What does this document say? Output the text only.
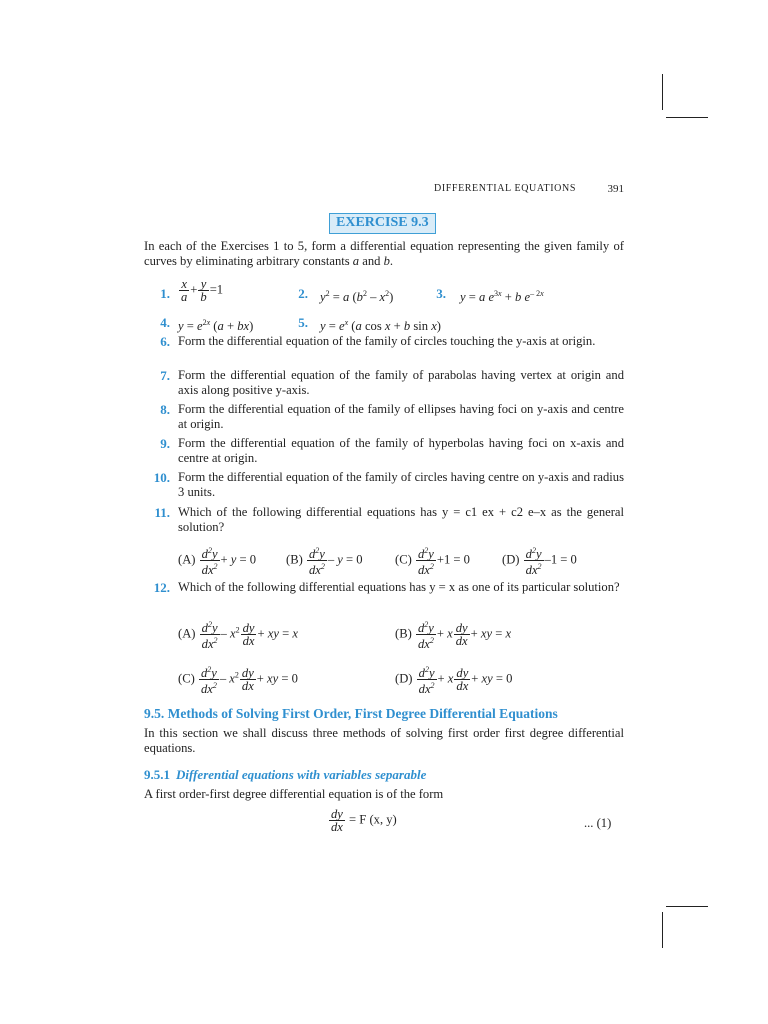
DIFFERENTIAL EQUATIONS	391
EXERCISE 9.3
In each of the Exercises 1 to 5, form a differential equation representing the given family of curves by eliminating arbitrary constants a and b.
1. $\frac{x}{a} + \frac{y}{b} =1$	2. $y^2 = a$ $(b^2 - x^2)$	3. y = a $e^{3x} + b$ $e^{- 2x}$
4. $y = e^{2x}$ (a + bx)	5. $y = e^x$ (a cos x + b sin x)
6. Form the differential equation of the family of circles touching the y-axis at origin.
7. Form the differential equation of the family of parabolas having vertex at origin and axis along positive y-axis.
8. Form the differential equation of the family of ellipses having foci on y-axis and centre at origin.
9. Form the differential equation of the family of hyperbolas having foci on x-axis and centre at origin.
10. Form the differential equation of the family of circles having centre on y-axis and radius 3 units.
11. Which of the following differential equations has y = c1 ex + c2 e–x as the general solution?
$(A) \frac{d^2y}{dx^2} + y = 0$ $(B) \frac{d^2y}{dx^2} - y = 0$	$(C) \frac{d^2y}{dx^2} +1 = 0$	$(D) \frac{d^2y}{dx^2} -1 = 0$
12. Which of the following differential equations has y = x as one of its particular solution?
$(A) \frac{d^2y}{dx^2} - x^2 \frac{dy}{dx}$ + xy = x	$(B) \frac{d^2y}{dx^2} + x \frac{dy}{dx}$ + xy = x
$(C) \frac{d^2y}{dx^2} - x^2 \frac{dy}{dx}$ + xy = 0	$(D) \frac{d^2y}{dx^2} + x \frac{dy}{dx}$ + xy = 0
9.5. Methods of Solving First Order, First Degree Differential Equations
In this section we shall discuss three methods of solving first order first degree differential equations.
9.5.1 Differential equations with variables separable
A first order-first degree differential equation is of the form
$\frac{dy}{dx} = F$ (x, y)	... (1)
